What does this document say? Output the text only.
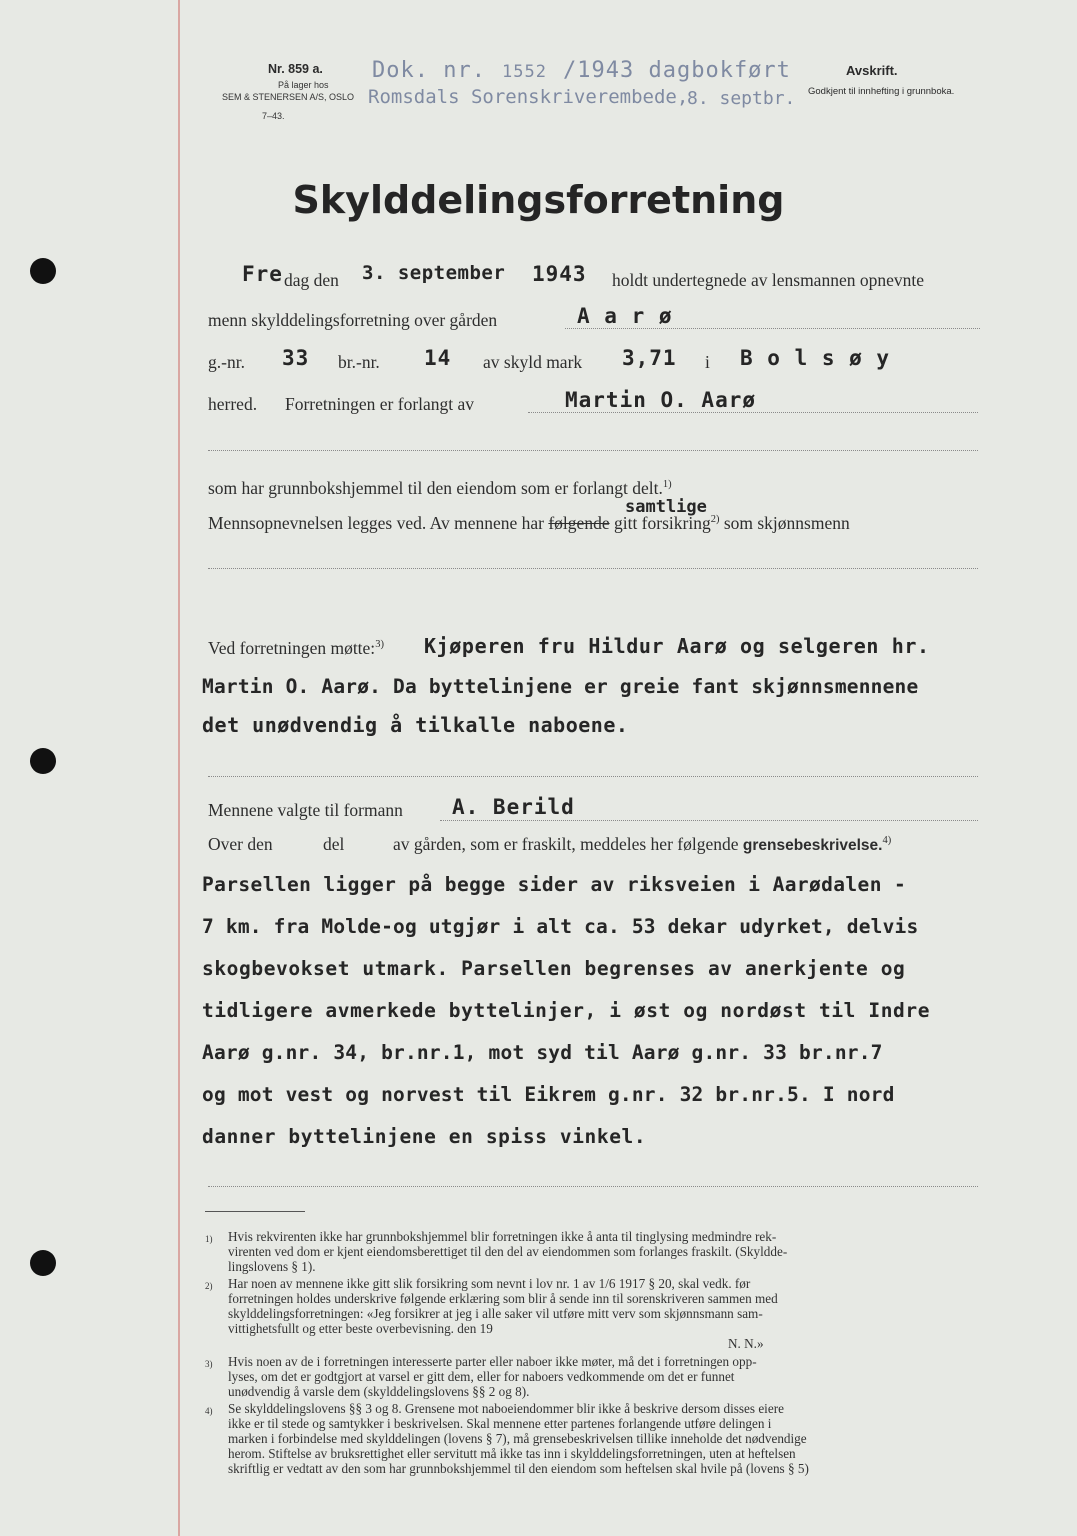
Nr. 859 a.
På lager hos
SEM & STENERSEN A/S, OSLO
7–43.
Dok. nr. 1552 /1943 dagbokført
Romsdals Sorenskriverembede,
8. septbr.
Avskrift.
Godkjent til innhefting i grunnboka.
Skylddelingsforretning
Fre dag den 3. september 1943 holdt undertegnede av lensmannen opnevnte
menn skylddelingsforretning over gården	A a r ø
g.-nr. 33 br.-nr. 14 av skyld mark 3,71 i B o l s ø y
herred. Forretningen er forlangt av	Martin O. Aarø
som har grunnbokshjemmel til den eiendom som er forlangt delt.$^{1)}$
samtlige
Mennsopnevnelsen legges ved. Av mennene har følgende gitt forsikring$^{2)}$ som skjønnsmenn
Ved forretningen møtte:$^{3)}$ Kjøperen fru Hildur Aarø og selgeren hr.
Martin O. Aarø. Da byttelinjene er greie fant skjønnsmennene
det unødvendig å tilkalle naboene.
Mennene valgte til formann A. Berild
Over den	del	av gården, som er fraskilt, meddeles her følgende grensebeskrivelse.$^{4)}$
Parsellen ligger på begge sider av riksveien i Aarødalen -
7 km. fra Molde-og utgjør i alt ca. 53 dekar udyrket, delvis
skogbevokset utmark. Parsellen begrenses av anerkjente og
tidligere avmerkede byttelinjer, i øst og nordøst til Indre
Aarø g.nr. 34, br.nr.1, mot syd til Aarø g.nr. 33 br.nr.7
og mot vest og norvest til Eikrem g.nr. 32 br.nr.5. I nord
danner byttelinjene en spiss vinkel.
1) Hvis rekvirenten ikke har grunnbokshjemmel blir forretningen ikke å anta til tinglysing medmindre rek-
virenten ved dom er kjent eiendomsberettiget til den del av eiendommen som forlanges fraskilt. (Skyldde-
lingslovens § 1).
2) Har noen av mennene ikke gitt slik forsikring som nevnt i lov nr. 1 av 1/6 1917 § 20, skal vedk. før
forretningen holdes underskrive følgende erklæring som blir å sende inn til sorenskriveren sammen med
skylddelingsforretningen: «Jeg forsikrer at jeg i alle saker vil utføre mitt verv som skjønnsmann sam-
vittighetsfullt og etter beste overbevisning. den 19
N. N.»
3) Hvis noen av de i forretningen interesserte parter eller naboer ikke møter, må det i forretningen opp-
lyses, om det er godtgjort at varsel er gitt dem, eller for naboers vedkommende om det er funnet
unødvendig å varsle dem (skylddelingslovens §§ 2 og 8).
4) Se skylddelingslovens §§ 3 og 8. Grensene mot naboeiendommer blir ikke å beskrive dersom disses eiere
ikke er til stede og samtykker i beskrivelsen. Skal mennene etter partenes forlangende utføre delingen i
marken i forbindelse med skylddelingen (lovens § 7), må grensebeskrivelsen tillike inneholde det nødvendige
herom. Stiftelse av bruksrettighet eller servitutt må ikke tas inn i skylddelingsforretningen, uten at heftelsen
skriftlig er vedtatt av den som har grunnbokshjemmel til den eiendom som heftelsen skal hvile på (lovens § 5)
